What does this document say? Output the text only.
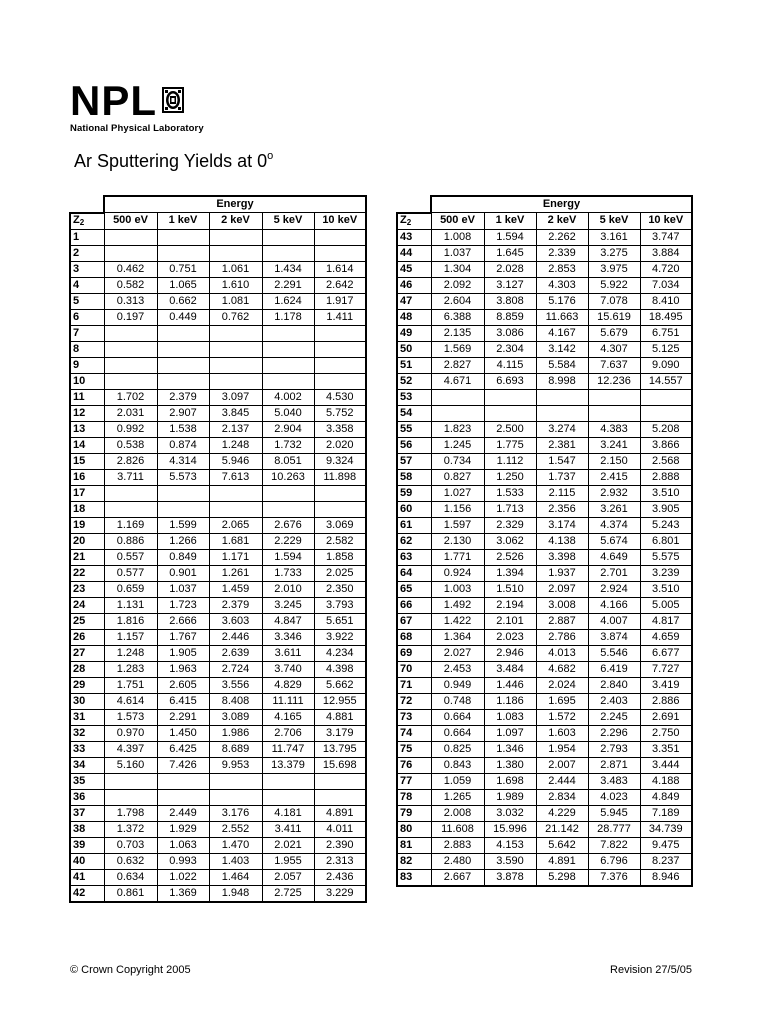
NPL
National Physical Laboratory
Ar Sputtering Yields at 0$^o$
	Energy				
$Z_2$	500 eV	1 keV	2 keV	5 keV	10 keV
1					
2					
3	0.462	0.751	1.061	1.434	1.614
4	0.582	1.065	1.610	2.291	2.642
5	0.313	0.662	1.081	1.624	1.917
6	0.197	0.449	0.762	1.178	1.411
7					
8					
9					
10					
11	1.702	2.379	3.097	4.002	4.530
12	2.031	2.907	3.845	5.040	5.752
13	0.992	1.538	2.137	2.904	3.358
14	0.538	0.874	1.248	1.732	2.020
15	2.826	4.314	5.946	8.051	9.324
16	3.711	5.573	7.613	10.263	11.898
17					
18					
19	1.169	1.599	2.065	2.676	3.069
20	0.886	1.266	1.681	2.229	2.582
21	0.557	0.849	1.171	1.594	1.858
22	0.577	0.901	1.261	1.733	2.025
23	0.659	1.037	1.459	2.010	2.350
24	1.131	1.723	2.379	3.245	3.793
25	1.816	2.666	3.603	4.847	5.651
26	1.157	1.767	2.446	3.346	3.922
27	1.248	1.905	2.639	3.611	4.234
28	1.283	1.963	2.724	3.740	4.398
29	1.751	2.605	3.556	4.829	5.662
30	4.614	6.415	8.408	11.111	12.955
31	1.573	2.291	3.089	4.165	4.881
32	0.970	1.450	1.986	2.706	3.179
33	4.397	6.425	8.689	11.747	13.795
34	5.160	7.426	9.953	13.379	15.698
35					
36					
37	1.798	2.449	3.176	4.181	4.891
38	1.372	1.929	2.552	3.411	4.011
39	0.703	1.063	1.470	2.021	2.390
40	0.632	0.993	1.403	1.955	2.313
41	0.634	1.022	1.464	2.057	2.436
42	0.861	1.369	1.948	2.725	3.229
	Energy				
$Z_2$	500 eV	1 keV	2 keV	5 keV	10 keV
43	1.008	1.594	2.262	3.161	3.747
44	1.037	1.645	2.339	3.275	3.884
45	1.304	2.028	2.853	3.975	4.720
46	2.092	3.127	4.303	5.922	7.034
47	2.604	3.808	5.176	7.078	8.410
48	6.388	8.859	11.663	15.619	18.495
49	2.135	3.086	4.167	5.679	6.751
50	1.569	2.304	3.142	4.307	5.125
51	2.827	4.115	5.584	7.637	9.090
52	4.671	6.693	8.998	12.236	14.557
53					
54					
55	1.823	2.500	3.274	4.383	5.208
56	1.245	1.775	2.381	3.241	3.866
57	0.734	1.112	1.547	2.150	2.568
58	0.827	1.250	1.737	2.415	2.888
59	1.027	1.533	2.115	2.932	3.510
60	1.156	1.713	2.356	3.261	3.905
61	1.597	2.329	3.174	4.374	5.243
62	2.130	3.062	4.138	5.674	6.801
63	1.771	2.526	3.398	4.649	5.575
64	0.924	1.394	1.937	2.701	3.239
65	1.003	1.510	2.097	2.924	3.510
66	1.492	2.194	3.008	4.166	5.005
67	1.422	2.101	2.887	4.007	4.817
68	1.364	2.023	2.786	3.874	4.659
69	2.027	2.946	4.013	5.546	6.677
70	2.453	3.484	4.682	6.419	7.727
71	0.949	1.446	2.024	2.840	3.419
72	0.748	1.186	1.695	2.403	2.886
73	0.664	1.083	1.572	2.245	2.691
74	0.664	1.097	1.603	2.296	2.750
75	0.825	1.346	1.954	2.793	3.351
76	0.843	1.380	2.007	2.871	3.444
77	1.059	1.698	2.444	3.483	4.188
78	1.265	1.989	2.834	4.023	4.849
79	2.008	3.032	4.229	5.945	7.189
80	11.608	15.996	21.142	28.777	34.739
81	2.883	4.153	5.642	7.822	9.475
82	2.480	3.590	4.891	6.796	8.237
83	2.667	3.878	5.298	7.376	8.946
© Crown Copyright 2005	Revision 27/5/05
